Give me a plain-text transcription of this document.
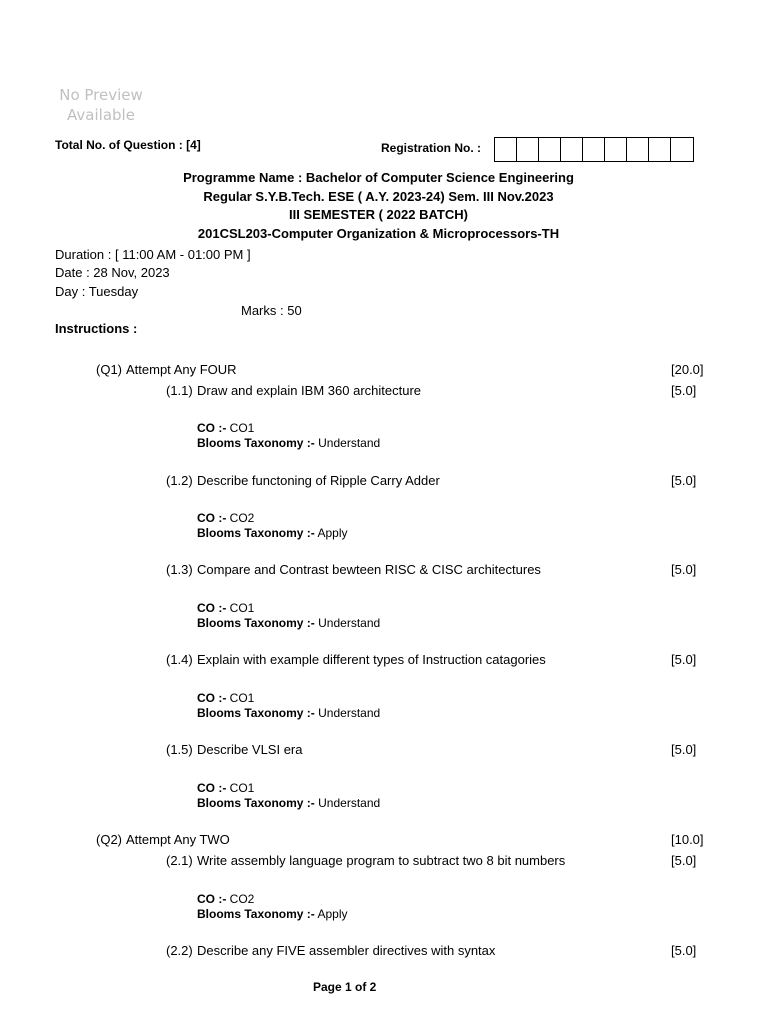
No Preview
Available
Total No. of Question : [4]	Registration No. :
Programme Name : Bachelor of Computer Science Engineering
Regular S.Y.B.Tech. ESE ( A.Y. 2023-24) Sem. III Nov.2023
III SEMESTER ( 2022 BATCH)
201CSL203-Computer Organization & Microprocessors-TH
Duration : [ 11:00 AM - 01:00 PM ]
Date : 28 Nov, 2023
Day : Tuesday
Marks : 50
Instructions :
(Q1) Attempt Any FOUR	[20.0]
(1.1) Draw and explain IBM 360 architecture	[5.0]
CO :- CO1
Blooms Taxonomy :- Understand
(1.2) Describe functoning of Ripple Carry Adder	[5.0]
CO :- CO2
Blooms Taxonomy :- Apply
(1.3) Compare and Contrast bewteen RISC & CISC architectures	[5.0]
CO :- CO1
Blooms Taxonomy :- Understand
(1.4) Explain with example different types of Instruction catagories	[5.0]
CO :- CO1
Blooms Taxonomy :- Understand
(1.5) Describe VLSI era	[5.0]
CO :- CO1
Blooms Taxonomy :- Understand
(Q2) Attempt Any TWO	[10.0]
(2.1) Write assembly language program to subtract two 8 bit numbers	[5.0]
CO :- CO2
Blooms Taxonomy :- Apply
(2.2) Describe any FIVE assembler directives with syntax	[5.0]
Page 1 of 2
